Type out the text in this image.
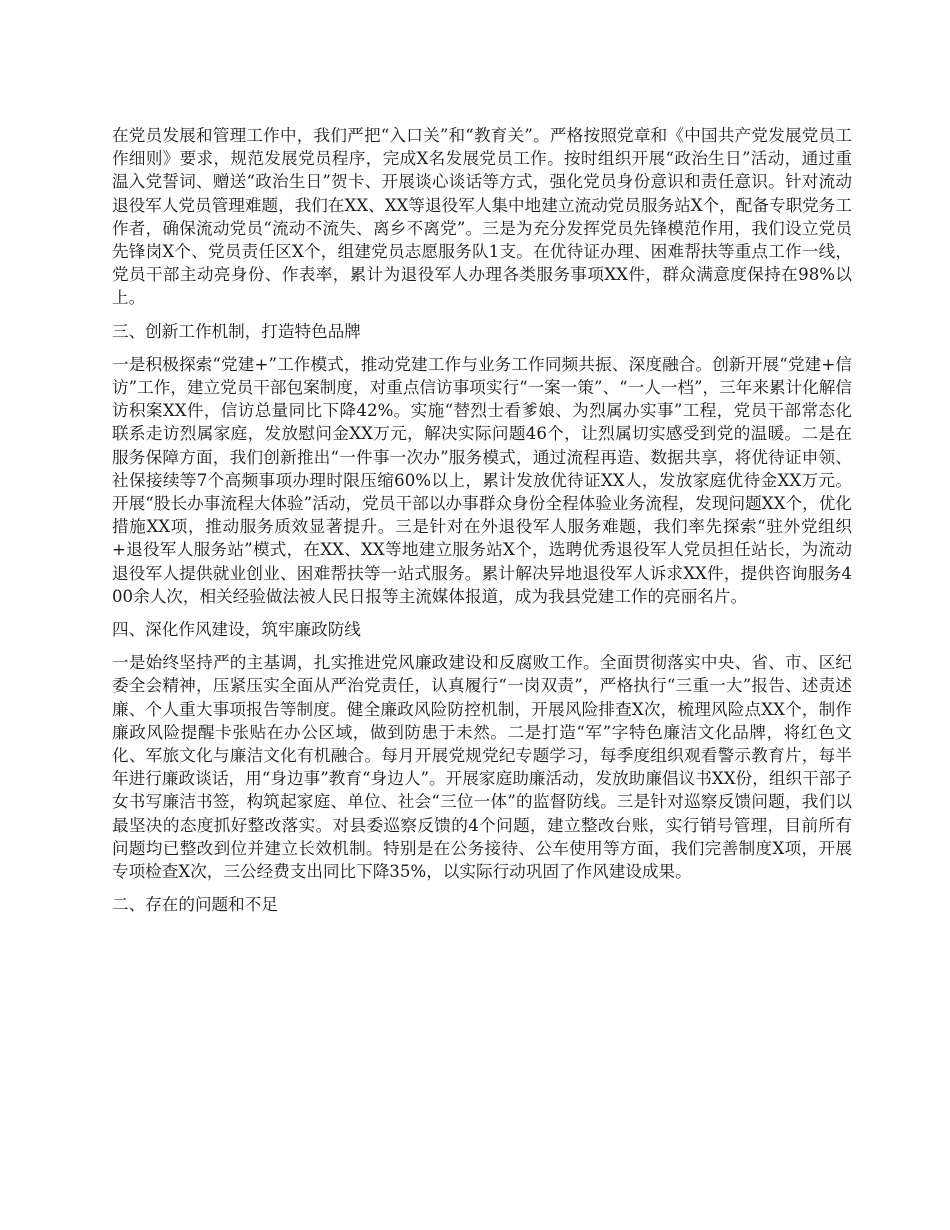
在党员发展和管理工作中，我们严把“入口关”和“教育关”。严格按照党章和《中国共产党发展党员工作细则》要求，规范发展党员程序，完成X名发展党员工作。按时组织开展“政治生日”活动，通过重温入党誓词、赠送“政治生日”贺卡、开展谈心谈话等方式，强化党员身份意识和责任意识。针对流动退役军人党员管理难题，我们在XX、XX等退役军人集中地建立流动党员服务站X个，配备专职党务工作者，确保流动党员“流动不流失、离乡不离党”。三是为充分发挥党员先锋模范作用，我们设立党员先锋岗X个、党员责任区X个，组建党员志愿服务队1支。在优待证办理、困难帮扶等重点工作一线，党员干部主动亮身份、作表率，累计为退役军人办理各类服务事项XX件，群众满意度保持在98%以上。

三、创新工作机制，打造特色品牌

一是积极探索“党建+”工作模式，推动党建工作与业务工作同频共振、深度融合。创新开展“党建+信访”工作，建立党员干部包案制度，对重点信访事项实行“一案一策”、“一人一档”，三年来累计化解信访积案XX件，信访总量同比下降42%。实施“替烈士看爹娘、为烈属办实事”工程，党员干部常态化联系走访烈属家庭，发放慰问金XX万元，解决实际问题46个，让烈属切实感受到党的温暖。二是在服务保障方面，我们创新推出“一件事一次办”服务模式，通过流程再造、数据共享，将优待证申领、社保接续等7个高频事项办理时限压缩60%以上，累计发放优待证XX人，发放家庭优待金XX万元。开展“股长办事流程大体验”活动，党员干部以办事群众身份全程体验业务流程，发现问题XX个，优化措施XX项，推动服务质效显著提升。三是针对在外退役军人服务难题，我们率先探索“驻外党组织+退役军人服务站”模式，在XX、XX等地建立服务站X个，选聘优秀退役军人党员担任站长，为流动退役军人提供就业创业、困难帮扶等一站式服务。累计解决异地退役军人诉求XX件，提供咨询服务400余人次，相关经验做法被人民日报等主流媒体报道，成为我县党建工作的亮丽名片。

四、深化作风建设，筑牢廉政防线

一是始终坚持严的主基调，扎实推进党风廉政建设和反腐败工作。全面贯彻落实中央、省、市、区纪委全会精神，压紧压实全面从严治党责任，认真履行“一岗双责”，严格执行“三重一大”报告、述责述廉、个人重大事项报告等制度。健全廉政风险防控机制，开展风险排查X次，梳理风险点XX个，制作廉政风险提醒卡张贴在办公区域，做到防患于未然。二是打造“军”字特色廉洁文化品牌，将红色文化、军旅文化与廉洁文化有机融合。每月开展党规党纪专题学习，每季度组织观看警示教育片，每半年进行廉政谈话，用“身边事”教育“身边人”。开展家庭助廉活动，发放助廉倡议书XX份，组织干部子女书写廉洁书签，构筑起家庭、单位、社会“三位一体”的监督防线。三是针对巡察反馈问题，我们以最坚决的态度抓好整改落实。对县委巡察反馈的4个问题，建立整改台账，实行销号管理，目前所有问题均已整改到位并建立长效机制。特别是在公务接待、公车使用等方面，我们完善制度X项，开展专项检查X次，三公经费支出同比下降35%，以实际行动巩固了作风建设成果。

二、存在的问题和不足
